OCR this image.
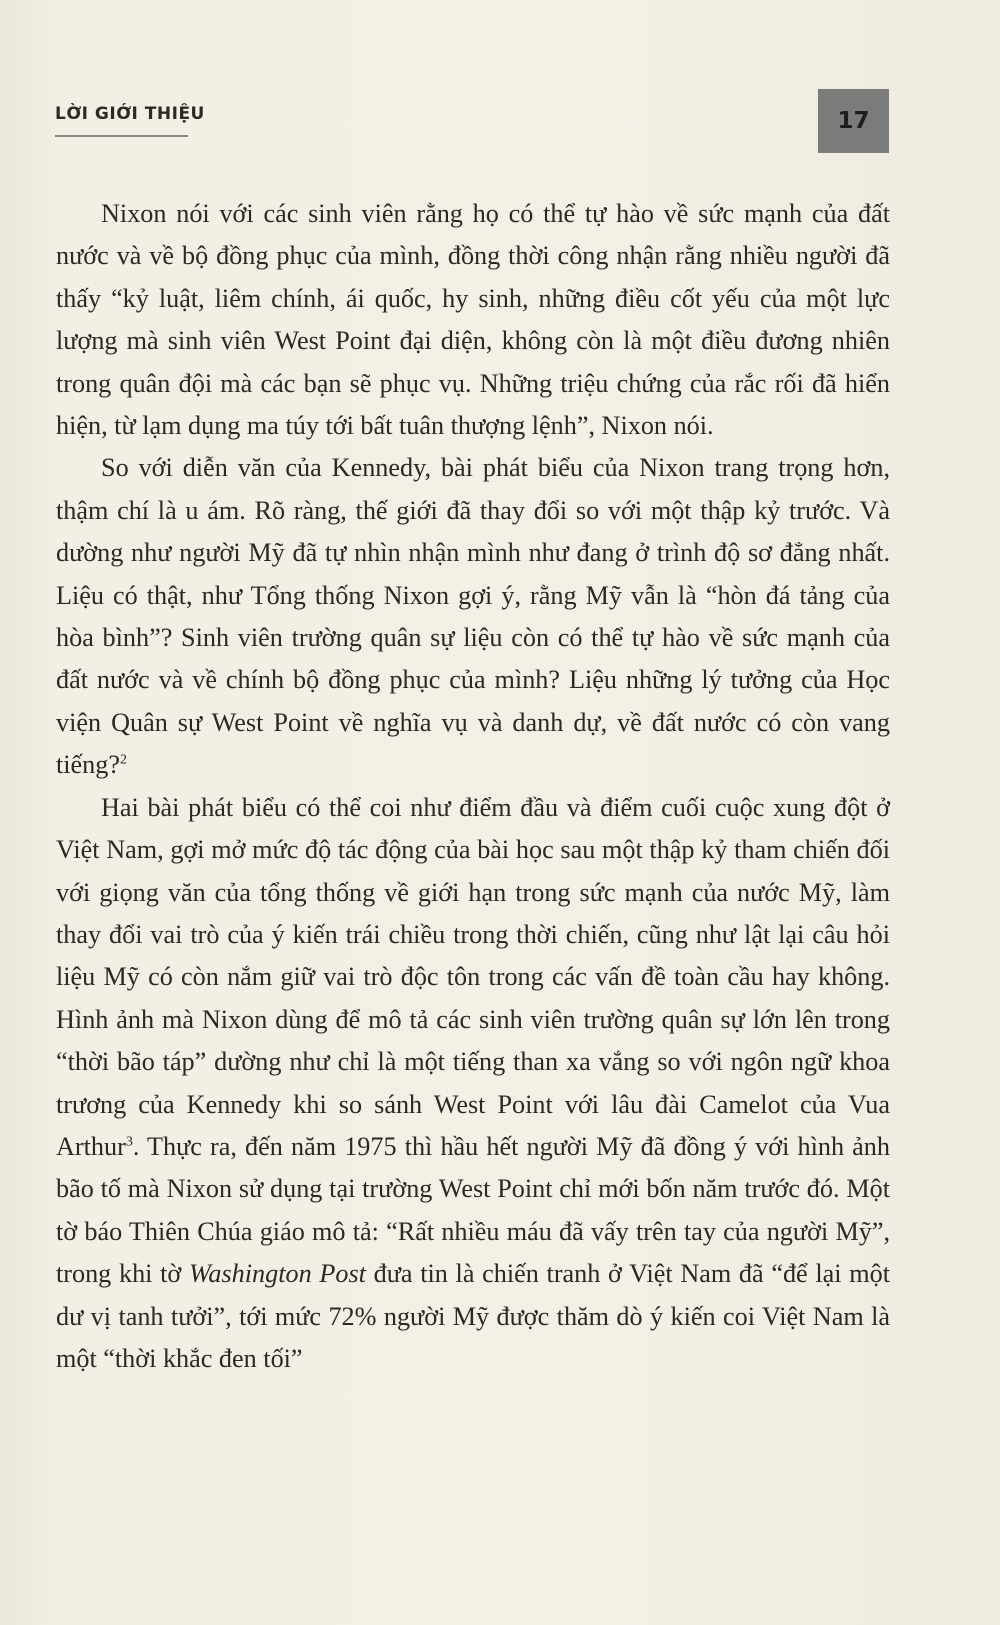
LỜI GIỚI THIỆU	17

Nixon nói với các sinh viên rằng họ có thể tự hào về sức mạnh của đất nước và về bộ đồng phục của mình, đồng thời công nhận rằng nhiều người đã thấy “kỷ luật, liêm chính, ái quốc, hy sinh, những điều cốt yếu của một lực lượng mà sinh viên West Point đại diện, không còn là một điều đương nhiên trong quân đội mà các bạn sẽ phục vụ. Những triệu chứng của rắc rối đã hiển hiện, từ lạm dụng ma túy tới bất tuân thượng lệnh”, Nixon nói.

So với diễn văn của Kennedy, bài phát biểu của Nixon trang trọng hơn, thậm chí là u ám. Rõ ràng, thế giới đã thay đổi so với một thập kỷ trước. Và dường như người Mỹ đã tự nhìn nhận mình như đang ở trình độ sơ đẳng nhất. Liệu có thật, như Tổng thống Nixon gợi ý, rằng Mỹ vẫn là “hòn đá tảng của hòa bình”? Sinh viên trường quân sự liệu còn có thể tự hào về sức mạnh của đất nước và về chính bộ đồng phục của mình? Liệu những lý tưởng của Học viện Quân sự West Point về nghĩa vụ và danh dự, về đất nước có còn vang tiếng?$^2$

Hai bài phát biểu có thể coi như điểm đầu và điểm cuối cuộc xung đột ở Việt Nam, gợi mở mức độ tác động của bài học sau một thập kỷ tham chiến đối với giọng văn của tổng thống về giới hạn trong sức mạnh của nước Mỹ, làm thay đổi vai trò của ý kiến trái chiều trong thời chiến, cũng như lật lại câu hỏi liệu Mỹ có còn nắm giữ vai trò độc tôn trong các vấn đề toàn cầu hay không. Hình ảnh mà Nixon dùng để mô tả các sinh viên trường quân sự lớn lên trong “thời bão táp” dường như chỉ là một tiếng than xa vắng so với ngôn ngữ khoa trương của Kennedy khi so sánh West Point với lâu đài Camelot của Vua Arthur$^3$. Thực ra, đến năm 1975 thì hầu hết người Mỹ đã đồng ý với hình ảnh bão tố mà Nixon sử dụng tại trường West Point chỉ mới bốn năm trước đó. Một tờ báo Thiên Chúa giáo mô tả: “Rất nhiều máu đã vấy trên tay của người Mỹ”, trong khi tờ Washington Post đưa tin là chiến tranh ở Việt Nam đã “để lại một dư vị tanh tưởi”, tới mức 72% người Mỹ được thăm dò ý kiến coi Việt Nam là một “thời khắc đen tối”
